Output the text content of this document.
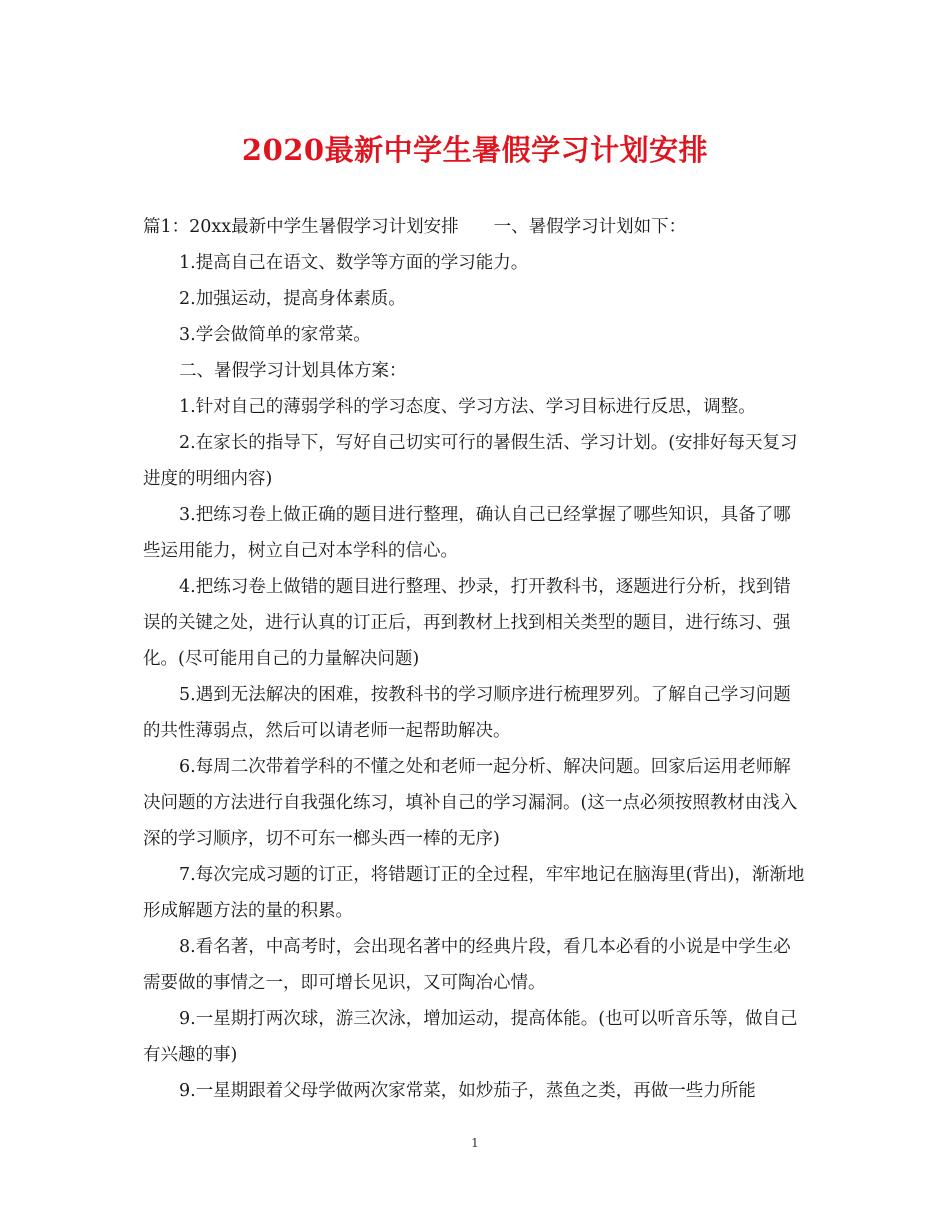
2020最新中学生暑假学习计划安排

篇1：20xx最新中学生暑假学习计划安排　　一、暑假学习计划如下：

1.提高自己在语文、数学等方面的学习能力。

2.加强运动，提高身体素质。

3.学会做简单的家常菜。

二、暑假学习计划具体方案：

1.针对自己的薄弱学科的学习态度、学习方法、学习目标进行反思，调整。

2.在家长的指导下，写好自己切实可行的暑假生活、学习计划。(安排好每天复习进度的明细内容)

3.把练习卷上做正确的题目进行整理，确认自己已经掌握了哪些知识，具备了哪些运用能力，树立自己对本学科的信心。

4.把练习卷上做错的题目进行整理、抄录，打开教科书，逐题进行分析，找到错误的关键之处，进行认真的订正后，再到教材上找到相关类型的题目，进行练习、强化。(尽可能用自己的力量解决问题)

5.遇到无法解决的困难，按教科书的学习顺序进行梳理罗列。了解自己学习问题的共性薄弱点，然后可以请老师一起帮助解决。

6.每周二次带着学科的不懂之处和老师一起分析、解决问题。回家后运用老师解决问题的方法进行自我强化练习，填补自己的学习漏洞。(这一点必须按照教材由浅入深的学习顺序，切不可东一榔头西一棒的无序)

7.每次完成习题的订正，将错题订正的全过程，牢牢地记在脑海里(背出)，渐渐地形成解题方法的量的积累。

8.看名著，中高考时，会出现名著中的经典片段，看几本必看的小说是中学生必需要做的事情之一，即可增长见识，又可陶冶心情。

9.一星期打两次球，游三次泳，增加运动，提高体能。(也可以听音乐等，做自己有兴趣的事)

9.一星期跟着父母学做两次家常菜，如炒茄子，蒸鱼之类，再做一些力所能

1
